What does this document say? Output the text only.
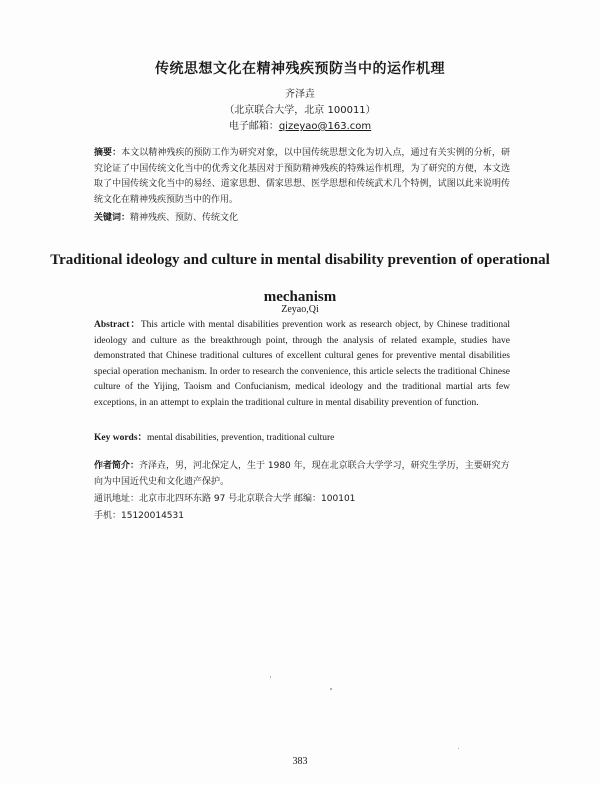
传统思想文化在精神残疾预防当中的运作机理
齐泽垚
（北京联合大学，北京 100011）
电子邮箱：qizeyao@163.com
摘要：本文以精神残疾的预防工作为研究对象，以中国传统思想文化为切入点，通过有关实例的分析，研究论证了中国传统文化当中的优秀文化基因对于预防精神残疾的特殊运作机理，为了研究的方便，本文选取了中国传统文化当中的易经、道家思想、儒家思想、医学思想和传统武术几个特例，试图以此来说明传统文化在精神残疾预防当中的作用。
关键词：精神残疾、预防、传统文化
Traditional ideology and culture in mental disability prevention of operational mechanism
Zeyao,Qi
Abstract：This article with mental disabilities prevention work as research object, by Chinese traditional ideology and culture as the breakthrough point, through the analysis of related example, studies have demonstrated that Chinese traditional cultures of excellent cultural genes for preventive mental disabilities special operation mechanism. In order to research the convenience, this article selects the traditional Chinese culture of the Yijing, Taoism and Confucianism, medical ideology and the traditional martial arts few exceptions, in an attempt to explain the traditional culture in mental disability prevention of function.
Key words：mental disabilities, prevention, traditional culture
作者简介：齐泽垚，男，河北保定人，生于 1980 年，现在北京联合大学学习，研究生学历，主要研究方向为中国近代史和文化遗产保护。
通讯地址：北京市北四环东路 97 号北京联合大学 邮编：100101
手机：15120014531
383
